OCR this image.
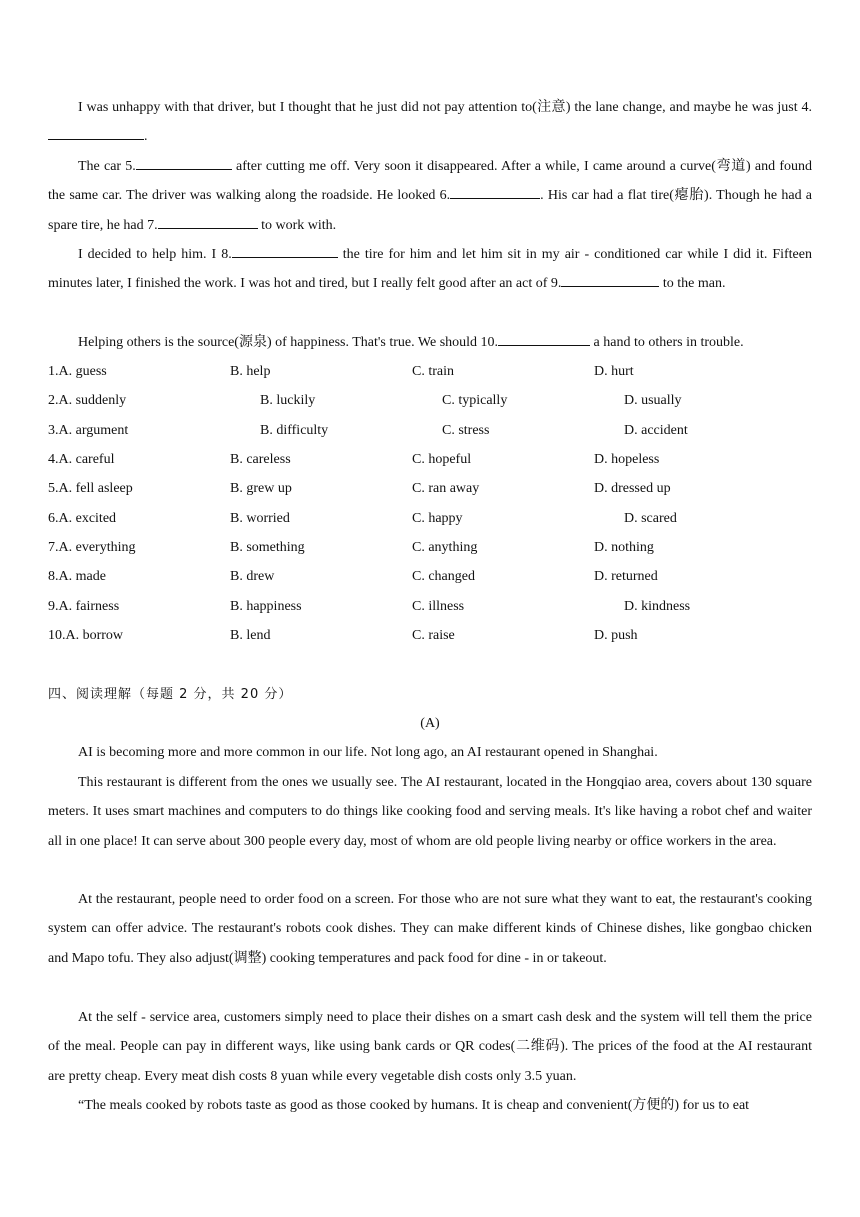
I was unhappy with that driver, but I thought that he just did not pay attention to(注意) the lane change, and maybe he was just 4..

The car 5.	after cutting me off. Very soon it disappeared. After a while, I came around a curve(弯道) and found the same car. The driver was walking along the roadside. He looked 6.	. His car had a flat tire(瘪胎). Though he had a spare tire, he had 7.	to work with.

I decided to help him. I 8.	the tire for him and let him sit in my air - conditioned car while I did it. Fifteen minutes later, I finished the work. I was hot and tired, but I really felt good after an act of 9.	to the man.

Helping others is the source(源泉) of happiness. That's true. We should 10.	a hand to others in trouble.

1.A. guess	B. help	C. train	D. hurt
2.A. suddenly	B. luckily	C. typically	D. usually
3.A. argument	B. difficulty	C. stress	D. accident
4.A. careful	B. careless	C. hopeful	D. hopeless
5.A. fell asleep	B. grew up	C. ran away	D. dressed up
6.A. excited	B. worried	C. happy	D. scared
7.A. everything	B. something	C. anything	D. nothing
8.A. made	B. drew	C. changed	D. returned
9.A. fairness	B. happiness	C. illness	D. kindness
10.A. borrow	B. lend	C. raise	D. push
四、阅读理解（每题 2 分，共 20 分）
(A)

AI is becoming more and more common in our life. Not long ago, an AI restaurant opened in Shanghai.

This restaurant is different from the ones we usually see. The AI restaurant, located in the Hongqiao area, covers about 130 square meters. It uses smart machines and computers to do things like cooking food and serving meals. It's like having a robot chef and waiter all in one place! It can serve about 300 people every day, most of whom are old people living nearby or office workers in the area.

At the restaurant, people need to order food on a screen. For those who are not sure what they want to eat, the restaurant's cooking system can offer advice. The restaurant's robots cook dishes. They can make different kinds of Chinese dishes, like gongbao chicken and Mapo tofu. They also adjust(调整) cooking temperatures and pack food for dine - in or takeout.

At the self - service area, customers simply need to place their dishes on a smart cash desk and the system will tell them the price of the meal. People can pay in different ways, like using bank cards or QR codes(二维码). The prices of the food at the AI restaurant are pretty cheap. Every meat dish costs 8 yuan while every vegetable dish costs only 3.5 yuan.

“The meals cooked by robots taste as good as those cooked by humans. It is cheap and convenient(方便的) for us to eat
